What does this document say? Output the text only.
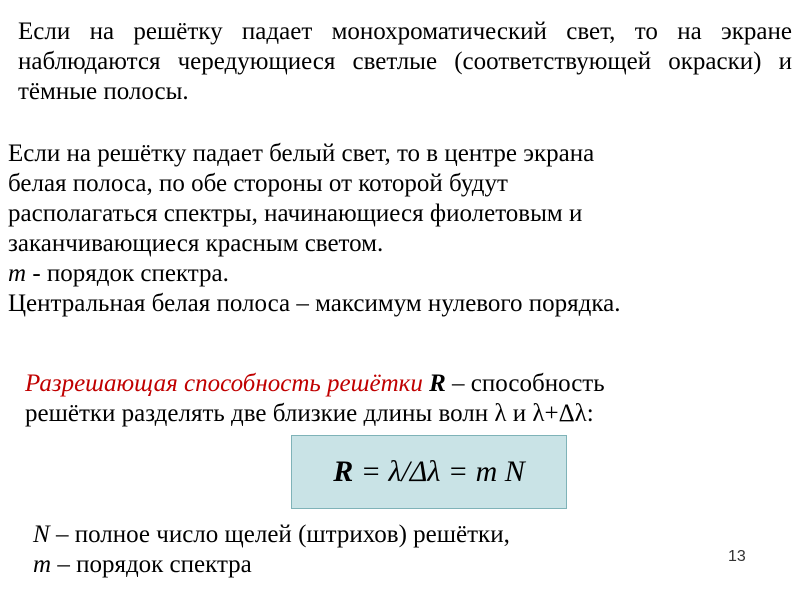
Если на решётку падает монохроматический свет, то на экране наблюдаются чередующиеся светлые (соответствующей окраски) и тёмные полосы.
Если на решётку падает белый свет, то в центре экрана
белая полоса, по обе стороны от которой будут
располагаться спектры, начинающиеся фиолетовым и
заканчивающиеся красным светом.
m - порядок спектра.
Центральная белая полоса – максимум нулевого порядка.
Разрешающая способность решётки R – способность
решётки разделять две близкие длины волн λ и λ+Δλ:
R = λ/Δλ = m N
N – полное число щелей (штрихов) решётки,
m – порядок спектра	13
